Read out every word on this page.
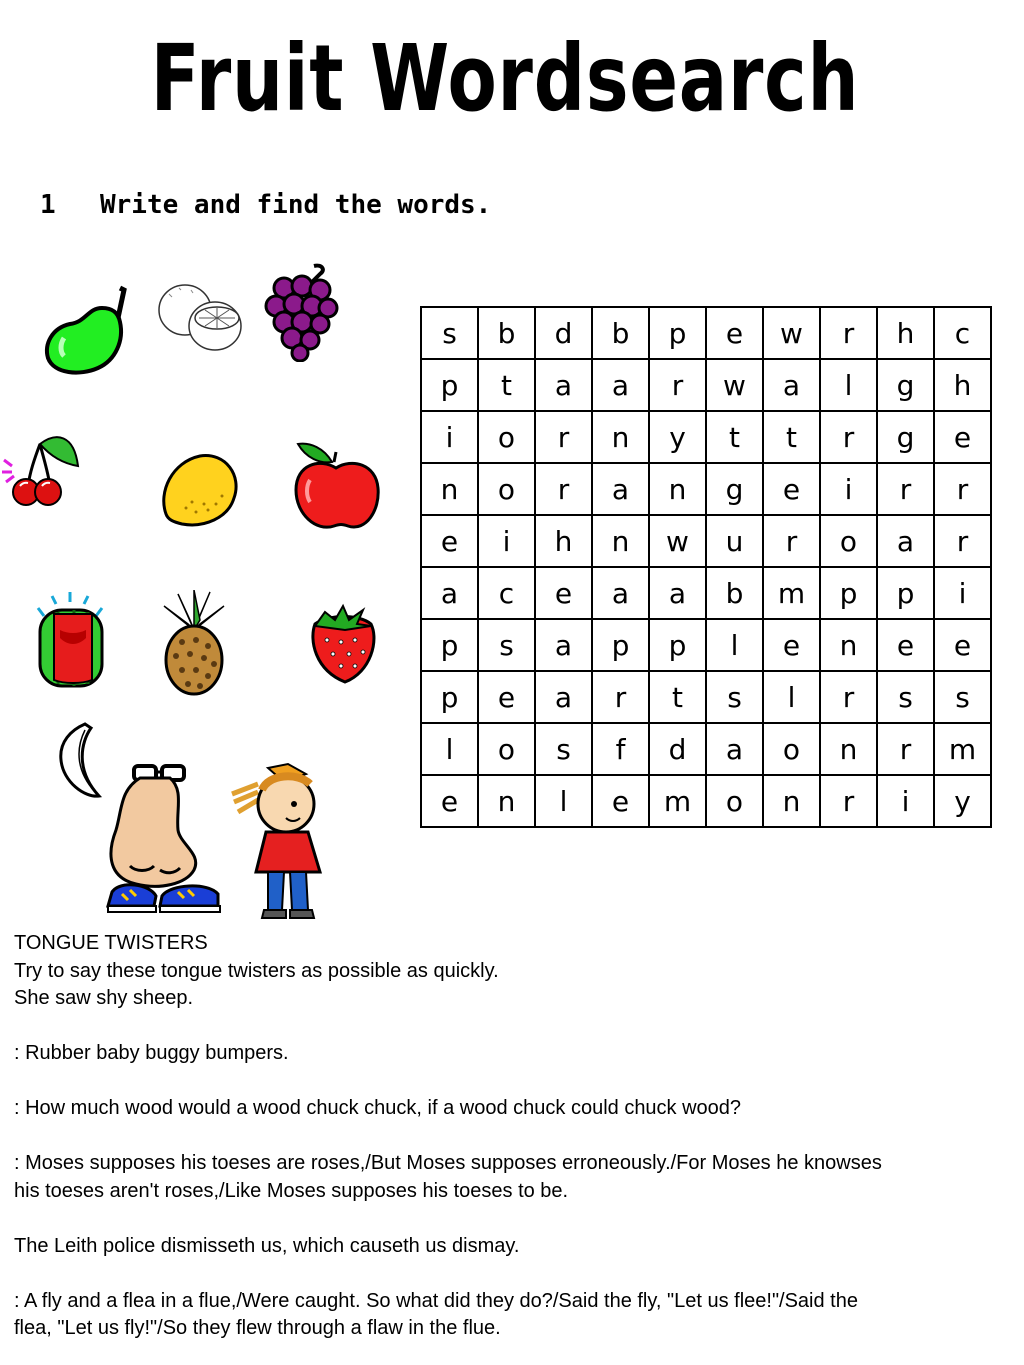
Fruit Wordsearch
1 Write and find the words.
s	b	d	b	p	e	w	r	h	c
p	t	a	a	r	w	a	l	g	h
i	o	r	n	y	t	t	r	g	e
n	o	r	a	n	g	e	i	r	r
e	i	h	n	w	u	r	o	a	r
a	c	e	a	a	b	m	p	p	i
p	s	a	p	p	l	e	n	e	e
p	e	a	r	t	s	l	r	s	s
l	o	s	f	d	a	o	n	r	m
e	n	l	e	m	o	n	r	i	y

TONGUE TWISTERS

Try to say these tongue twisters as possible as quickly.

She saw shy sheep.

: Rubber baby buggy bumpers.

: How much wood would a wood chuck chuck, if a wood chuck could chuck wood?

: Moses supposes his toeses are roses,/But Moses supposes erroneously./For Moses he knowses

his toeses aren't roses,/Like Moses supposes his toeses to be.

The Leith police dismisseth us, which causeth us dismay.

: A fly and a flea in a flue,/Were caught. So what did they do?/Said the fly, "Let us flee!"/Said the

flea, "Let us fly!"/So they flew through a flaw in the flue.
